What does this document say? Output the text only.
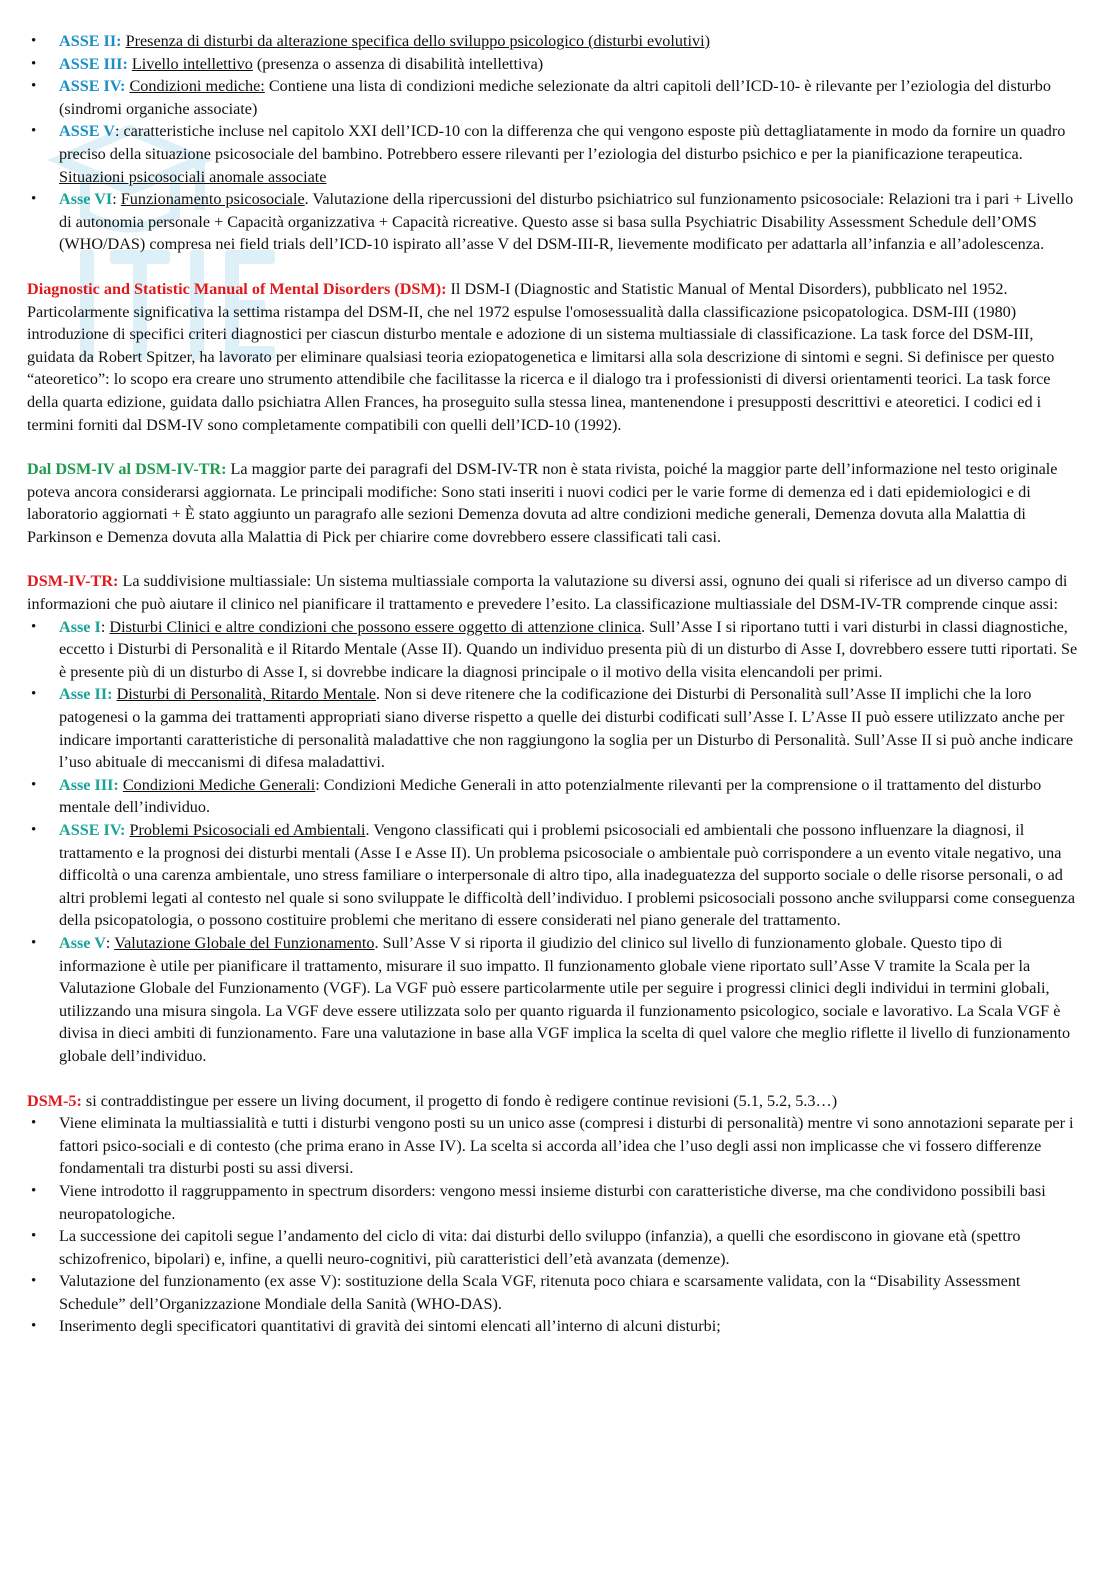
• ASSE II: Presenza di disturbi da alterazione specifica dello sviluppo psicologico (disturbi evolutivi)
• ASSE III: Livello intellettivo (presenza o assenza di disabilità intellettiva)
• ASSE IV: Condizioni mediche: Contiene una lista di condizioni mediche selezionate da altri capitoli dell’ICD-10- è rilevante per l’eziologia del disturbo (sindromi organiche associate)
• ASSE V: caratteristiche incluse nel capitolo XXI dell’ICD-10 con la differenza che qui vengono esposte più dettagliatamente in modo da fornire un quadro preciso della situazione psicosociale del bambino. Potrebbero essere rilevanti per l’eziologia del disturbo psichico e per la pianificazione terapeutica. Situazioni psicosociali anomale associate
• Asse VI: Funzionamento psicosociale. Valutazione della ripercussioni del disturbo psichiatrico sul funzionamento psicosociale: Relazioni tra i pari + Livello di autonomia personale + Capacità organizzativa + Capacità ricreative. Questo asse si basa sulla Psychiatric Disability Assessment Schedule dell’OMS (WHO/DAS) compresa nei field trials dell’ICD-10 ispirato all’asse V del DSM-III-R, lievemente modificato per adattarla all’infanzia e all’adolescenza.

Diagnostic and Statistic Manual of Mental Disorders (DSM): Il DSM-I (Diagnostic and Statistic Manual of Mental Disorders), pubblicato nel 1952. Particolarmente significativa la settima ristampa del DSM-II, che nel 1972 espulse l'omosessualità dalla classificazione psicopatologica. DSM-III (1980) introduzione di specifici criteri diagnostici per ciascun disturbo mentale e adozione di un sistema multiassiale di classificazione. La task force del DSM-III, guidata da Robert Spitzer, ha lavorato per eliminare qualsiasi teoria eziopatogenetica e limitarsi alla sola descrizione di sintomi e segni. Si definisce per questo “ateoretico”: lo scopo era creare uno strumento attendibile che facilitasse la ricerca e il dialogo tra i professionisti di diversi orientamenti teorici. La task force della quarta edizione, guidata dallo psichiatra Allen Frances, ha proseguito sulla stessa linea, mantenendone i presupposti descrittivi e ateoretici. I codici ed i termini forniti dal DSM-IV sono completamente compatibili con quelli dell’ICD-10 (1992).

Dal DSM-IV al DSM-IV-TR: La maggior parte dei paragrafi del DSM-IV-TR non è stata rivista, poiché la maggior parte dell’informazione nel testo originale poteva ancora considerarsi aggiornata. Le principali modifiche: Sono stati inseriti i nuovi codici per le varie forme di demenza ed i dati epidemiologici e di laboratorio aggiornati + È stato aggiunto un paragrafo alle sezioni Demenza dovuta ad altre condizioni mediche generali, Demenza dovuta alla Malattia di Parkinson e Demenza dovuta alla Malattia di Pick per chiarire come dovrebbero essere classificati tali casi.

DSM-IV-TR: La suddivisione multiassiale: Un sistema multiassiale comporta la valutazione su diversi assi, ognuno dei quali si riferisce ad un diverso campo di informazioni che può aiutare il clinico nel pianificare il trattamento e prevedere l’esito. La classificazione multiassiale del DSM-IV-TR comprende cinque assi:

• Asse I: Disturbi Clinici e altre condizioni che possono essere oggetto di attenzione clinica. Sull’Asse I si riportano tutti i vari disturbi in classi diagnostiche, eccetto i Disturbi di Personalità e il Ritardo Mentale (Asse II). Quando un individuo presenta più di un disturbo di Asse I, dovrebbero essere tutti riportati. Se è presente più di un disturbo di Asse I, si dovrebbe indicare la diagnosi principale o il motivo della visita elencandoli per primi.
• Asse II: Disturbi di Personalità, Ritardo Mentale. Non si deve ritenere che la codificazione dei Disturbi di Personalità sull’Asse II implichi che la loro patogenesi o la gamma dei trattamenti appropriati siano diverse rispetto a quelle dei disturbi codificati sull’Asse I. L’Asse II può essere utilizzato anche per indicare importanti caratteristiche di personalità maladattive che non raggiungono la soglia per un Disturbo di Personalità. Sull’Asse II si può anche indicare l’uso abituale di meccanismi di difesa maladattivi.
• Asse III: Condizioni Mediche Generali: Condizioni Mediche Generali in atto potenzialmente rilevanti per la comprensione o il trattamento del disturbo mentale dell’individuo.
• ASSE IV: Problemi Psicosociali ed Ambientali. Vengono classificati qui i problemi psicosociali ed ambientali che possono influenzare la diagnosi, il trattamento e la prognosi dei disturbi mentali (Asse I e Asse II). Un problema psicosociale o ambientale può corrispondere a un evento vitale negativo, una difficoltà o una carenza ambientale, uno stress familiare o interpersonale di altro tipo, alla inadeguatezza del supporto sociale o delle risorse personali, o ad altri problemi legati al contesto nel quale si sono sviluppate le difficoltà dell’individuo. I problemi psicosociali possono anche svilupparsi come conseguenza della psicopatologia, o possono costituire problemi che meritano di essere considerati nel piano generale del trattamento.
• Asse V: Valutazione Globale del Funzionamento. Sull’Asse V si riporta il giudizio del clinico sul livello di funzionamento globale. Questo tipo di informazione è utile per pianificare il trattamento, misurare il suo impatto. Il funzionamento globale viene riportato sull’Asse V tramite la Scala per la Valutazione Globale del Funzionamento (VGF). La VGF può essere particolarmente utile per seguire i progressi clinici degli individui in termini globali, utilizzando una misura singola. La VGF deve essere utilizzata solo per quanto riguarda il funzionamento psicologico, sociale e lavorativo. La Scala VGF è divisa in dieci ambiti di funzionamento. Fare una valutazione in base alla VGF implica la scelta di quel valore che meglio riflette il livello di funzionamento globale dell’individuo.

DSM-5: si contraddistingue per essere un living document, il progetto di fondo è redigere continue revisioni (5.1, 5.2, 5.3…)

• Viene eliminata la multiassialità e tutti i disturbi vengono posti su un unico asse (compresi i disturbi di personalità) mentre vi sono annotazioni separate per i fattori psico-sociali e di contesto (che prima erano in Asse IV). La scelta si accorda all’idea che l’uso degli assi non implicasse che vi fossero differenze fondamentali tra disturbi posti su assi diversi.
• Viene introdotto il raggruppamento in spectrum disorders: vengono messi insieme disturbi con caratteristiche diverse, ma che condividono possibili basi neuropatologiche.
• La successione dei capitoli segue l’andamento del ciclo di vita: dai disturbi dello sviluppo (infanzia), a quelli che esordiscono in giovane età (spettro schizofrenico, bipolari) e, infine, a quelli neuro-cognitivi, più caratteristici dell’età avanzata (demenze).
• Valutazione del funzionamento (ex asse V): sostituzione della Scala VGF, ritenuta poco chiara e scarsamente validata, con la “Disability Assessment Schedule” dell’Organizzazione Mondiale della Sanità (WHO-DAS).
• Inserimento degli specificatori quantitativi di gravità dei sintomi elencati all’interno di alcuni disturbi;
